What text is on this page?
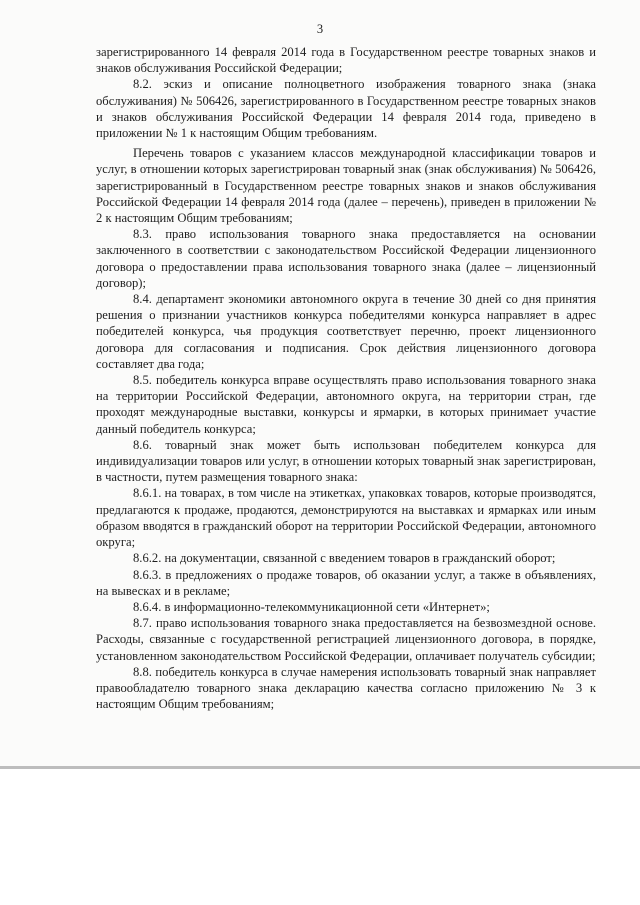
3

зарегистрированного 14 февраля 2014 года в Государственном реестре товарных знаков и знаков обслуживания Российской Федерации;

8.2. эскиз и описание полноцветного изображения товарного знака (знака обслуживания) № 506426, зарегистрированного в Государственном реестре товарных знаков и знаков обслуживания Российской Федерации 14 февраля 2014 года, приведено в приложении № 1 к настоящим Общим требованиям.

Перечень товаров с указанием классов международной классификации товаров и услуг, в отношении которых зарегистрирован товарный знак (знак обслуживания) № 506426, зарегистрированный в Государственном реестре товарных знаков и знаков обслуживания Российской Федерации 14 февраля 2014 года (далее – перечень), приведен в приложении № 2 к настоящим Общим требованиям;

8.3. право использования товарного знака предоставляется на основании заключенного в соответствии с законодательством Российской Федерации лицензионного договора о предоставлении права использования товарного знака (далее – лицензионный договор);

8.4. департамент экономики автономного округа в течение 30 дней со дня принятия решения о признании участников конкурса победителями конкурса направляет в адрес победителей конкурса, чья продукция соответствует перечню, проект лицензионного договора для согласования и подписания. Срок действия лицензионного договора составляет два года;

8.5. победитель конкурса вправе осуществлять право использования товарного знака на территории Российской Федерации, автономного округа, на территории стран, где проходят международные выставки, конкурсы и ярмарки, в которых принимает участие данный победитель конкурса;

8.6. товарный знак может быть использован победителем конкурса для индивидуализации товаров или услуг, в отношении которых товарный знак зарегистрирован, в частности, путем размещения товарного знака:

8.6.1. на товарах, в том числе на этикетках, упаковках товаров, которые производятся, предлагаются к продаже, продаются, демонстрируются на выставках и ярмарках или иным образом вводятся в гражданский оборот на территории Российской Федерации, автономного округа;

8.6.2. на документации, связанной с введением товаров в гражданский оборот;

8.6.3. в предложениях о продаже товаров, об оказании услуг, а также в объявлениях, на вывесках и в рекламе;

8.6.4. в информационно-телекоммуникационной сети «Интернет»;

8.7. право использования товарного знака предоставляется на безвозмездной основе. Расходы, связанные с государственной регистрацией лицензионного договора, в порядке, установленном законодательством Российской Федерации, оплачивает получатель субсидии;

8.8. победитель конкурса в случае намерения использовать товарный знак направляет правообладателю товарного знака декларацию качества согласно приложению № 3 к настоящим Общим требованиям;
